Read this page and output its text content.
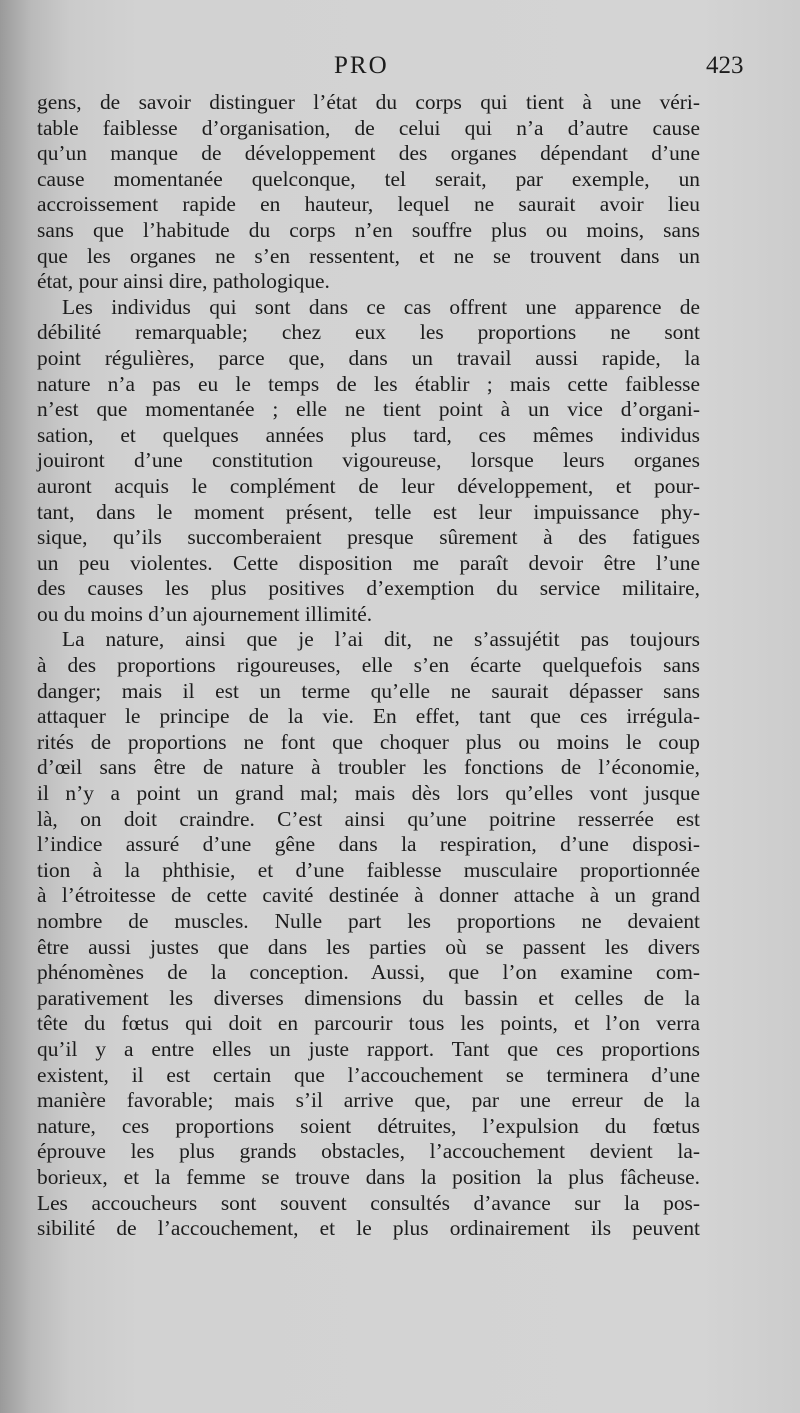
PRO	423
gens, de savoir distinguer l’état du corps qui tient à une véri-
table faiblesse d’organisation, de celui qui n’a d’autre cause
qu’un manque de développement des organes dépendant d’une
cause momentanée quelconque, tel serait, par exemple, un
accroissement rapide en hauteur, lequel ne saurait avoir lieu
sans que l’habitude du corps n’en souffre plus ou moins, sans
que les organes ne s’en ressentent, et ne se trouvent dans un
état, pour ainsi dire, pathologique.
Les individus qui sont dans ce cas offrent une apparence de
débilité remarquable; chez eux les proportions ne sont
point régulières, parce que, dans un travail aussi rapide, la
nature n’a pas eu le temps de les établir ; mais cette faiblesse
n’est que momentanée ; elle ne tient point à un vice d’organi-
sation, et quelques années plus tard, ces mêmes individus
jouiront d’une constitution vigoureuse, lorsque leurs organes
auront acquis le complément de leur développement, et pour-
tant, dans le moment présent, telle est leur impuissance phy-
sique, qu’ils succomberaient presque sûrement à des fatigues
un peu violentes. Cette disposition me paraît devoir être l’une
des causes les plus positives d’exemption du service militaire,
ou du moins d’un ajournement illimité.
La nature, ainsi que je l’ai dit, ne s’assujétit pas toujours
à des proportions rigoureuses, elle s’en écarte quelquefois sans
danger; mais il est un terme qu’elle ne saurait dépasser sans
attaquer le principe de la vie. En effet, tant que ces irrégula-
rités de proportions ne font que choquer plus ou moins le coup
d’œil sans être de nature à troubler les fonctions de l’économie,
il n’y a point un grand mal; mais dès lors qu’elles vont jusque
là, on doit craindre. C’est ainsi qu’une poitrine resserrée est
l’indice assuré d’une gêne dans la respiration, d’une disposi-
tion à la phthisie, et d’une faiblesse musculaire proportionnée
à l’étroitesse de cette cavité destinée à donner attache à un grand
nombre de muscles. Nulle part les proportions ne devaient
être aussi justes que dans les parties où se passent les divers
phénomènes de la conception. Aussi, que l’on examine com-
parativement les diverses dimensions du bassin et celles de la
tête du fœtus qui doit en parcourir tous les points, et l’on verra
qu’il y a entre elles un juste rapport. Tant que ces proportions
existent, il est certain que l’accouchement se terminera d’une
manière favorable; mais s’il arrive que, par une erreur de la
nature, ces proportions soient détruites, l’expulsion du fœtus
éprouve les plus grands obstacles, l’accouchement devient la-
borieux, et la femme se trouve dans la position la plus fâcheuse.
Les accoucheurs sont souvent consultés d’avance sur la pos-
sibilité de l’accouchement, et le plus ordinairement ils peuvent
